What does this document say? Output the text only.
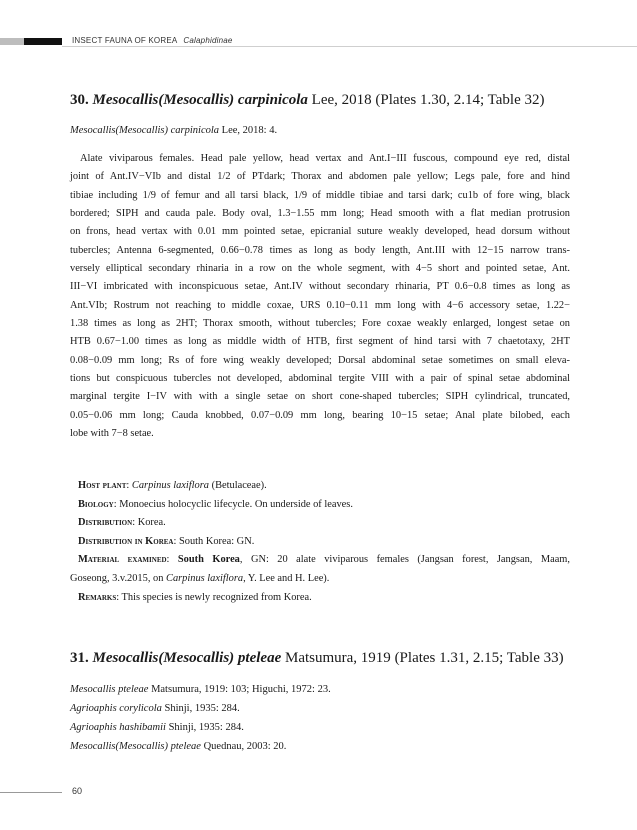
INSECT FAUNA OF KOREA Calaphidinae
30. Mesocallis(Mesocallis) carpinicola Lee, 2018 (Plates 1.30, 2.14; Table 32)
Mesocallis(Mesocallis) carpinicola Lee, 2018: 4.
Alate viviparous females. Head pale yellow, head vertax and Ant.I−III fuscous, compound eye red, distal
joint of Ant.IV−VIb and distal 1/2 of PTdark; Thorax and abdomen pale yellow; Legs pale, fore and hind
tibiae including 1/9 of femur and all tarsi black, 1/9 of middle tibiae and tarsi dark; cu1b of fore wing, black
bordered; SIPH and cauda pale. Body oval, 1.3−1.55 mm long; Head smooth with a flat median protrusion
on frons, head vertax with 0.01 mm pointed setae, epicranial suture weakly developed, head dorsum without
tubercles; Antenna 6-segmented, 0.66−0.78 times as long as body length, Ant.III with 12−15 narrow trans-
versely elliptical secondary rhinaria in a row on the whole segment, with 4−5 short and pointed setae, Ant.
III−VI imbricated with inconspicuous setae, Ant.IV without secondary rhinaria, PT 0.6−0.8 times as long as
Ant.VIb; Rostrum not reaching to middle coxae, URS 0.10−0.11 mm long with 4−6 accessory setae, 1.22−
1.38 times as long as 2HT; Thorax smooth, without tubercles; Fore coxae weakly enlarged, longest setae on
HTB 0.67−1.00 times as long as middle width of HTB, first segment of hind tarsi with 7 chaetotaxy, 2HT
0.08−0.09 mm long; Rs of fore wing weakly developed; Dorsal abdominal setae sometimes on small eleva-
tions but conspicuous tubercles not developed, abdominal tergite VIII with a pair of spinal setae abdominal
marginal tergite I−IV with with a single setae on short cone-shaped tubercles; SIPH cylindrical, truncated,
0.05−0.06 mm long; Cauda knobbed, 0.07−0.09 mm long, bearing 10−15 setae; Anal plate bilobed, each
lobe with 7−8 setae.
Host plant: Carpinus laxiflora (Betulaceae).
Biology: Monoecius holocyclic lifecycle. On underside of leaves.
Distribution: Korea.
Distribution in Korea: South Korea: GN.
Material examined: South Korea, GN: 20 alate viviparous females (Jangsan forest, Jangsan, Maam,
Goseong, 3.v.2015, on Carpinus laxiflora, Y. Lee and H. Lee).
Remarks: This species is newly recognized from Korea.
31. Mesocallis(Mesocallis) pteleae Matsumura, 1919 (Plates 1.31, 2.15; Table 33)
Mesocallis pteleae Matsumura, 1919: 103; Higuchi, 1972: 23.
Agrioaphis corylicola Shinji, 1935: 284.
Agrioaphis hashibamii Shinji, 1935: 284.
Mesocallis(Mesocallis) pteleae Quednau, 2003: 20.
60
